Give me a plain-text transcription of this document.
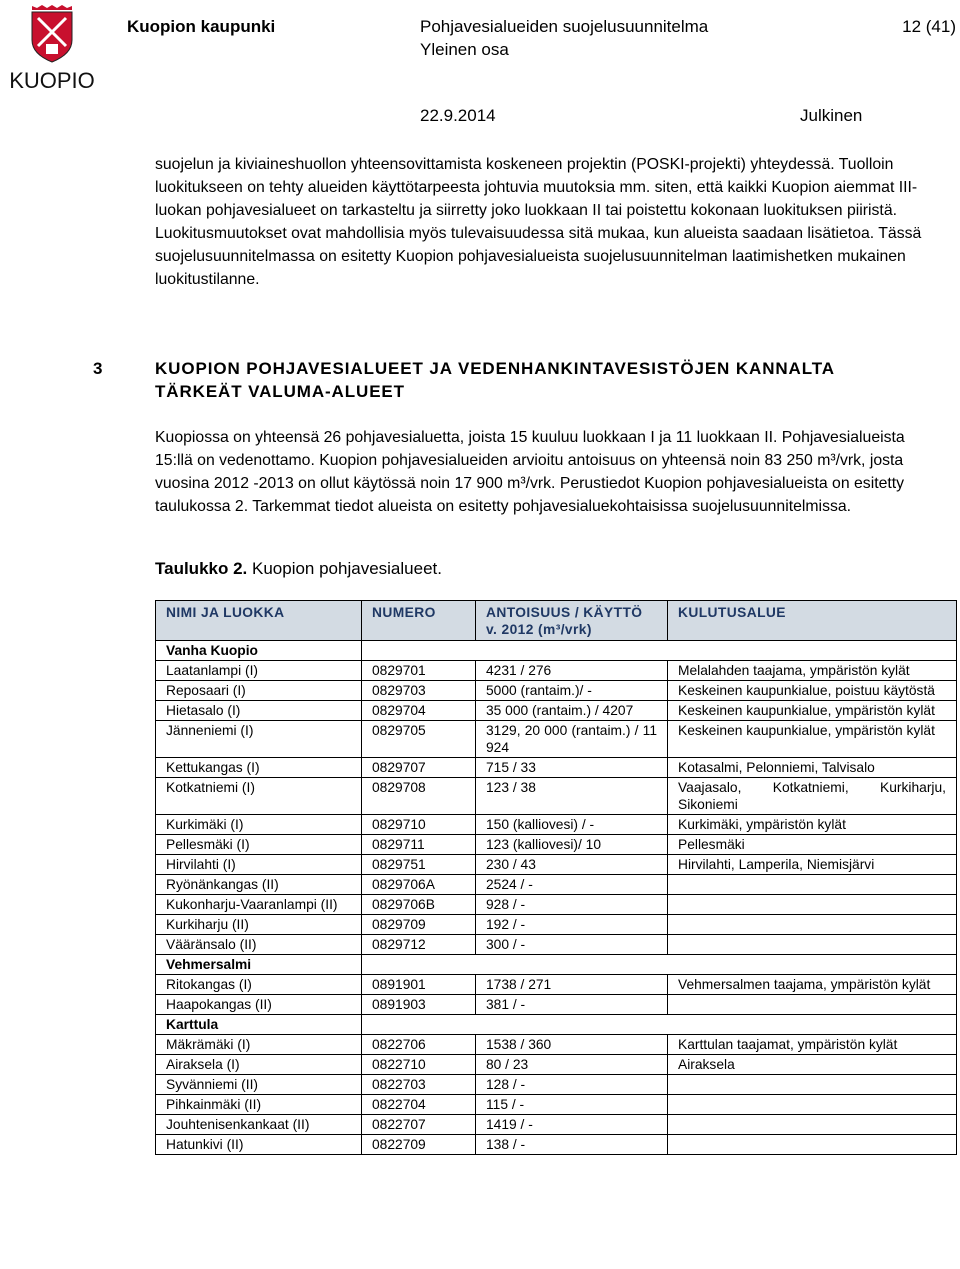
KUOPIO
Kuopion kaupunki	Pohjavesialueiden suojelusuunnitelma
Yleinen osa
12 (41)
22.9.2014	Julkinen

suojelun ja kiviaineshuollon yhteensovittamista koskeneen projektin (POSKI-projekti) yhteydessä. Tuolloin luokitukseen on tehty alueiden käyttötarpeesta johtuvia muutoksia mm. siten, että kaikki Kuopion aiemmat III-luokan pohjavesialueet on tarkasteltu ja siirretty joko luokkaan II tai poistettu kokonaan luokituksen piiristä. Luokitusmuutokset ovat mahdollisia myös tulevaisuudessa sitä mukaa, kun alueista saadaan lisätietoa. Tässä suojelusuunnitelmassa on esitetty Kuopion pohjavesialueista suojelusuunnitelman laatimishetken mukainen luokitustilanne.

3	KUOPION POHJAVESIALUEET JA VEDENHANKINTAVESISTÖJEN KANNALTA TÄRKEÄT VALUMA-ALUEET

Kuopiossa on yhteensä 26 pohjavesialuetta, joista 15 kuuluu luokkaan I ja 11 luokkaan II. Pohjavesialueista 15:llä on vedenottamo. Kuopion pohjavesialueiden arvioitu antoisuus on yhteensä noin 83 250 m³/vrk, josta vuosina 2012 -2013 on ollut käytössä noin 17 900 m³/vrk. Perustiedot Kuopion pohjavesialueista on esitetty taulukossa 2. Tarkemmat tiedot alueista on esitetty pohjavesialuekohtaisissa suojelusuunnitelmissa.

Taulukko 2. Kuopion pohjavesialueet.
NIMI JA LUOKKA	NUMERO	ANTOISUUS / KÄYTTÖ v. 2012 (m³/vrk)	KULUTUSALUE
Vanha Kuopio			
Laatanlampi (I)	0829701	4231 / 276	Melalahden taajama, ympäristön kylät
Reposaari (I)	0829703	5000 (rantaim.)/ -	Keskeinen kaupunkialue, poistuu käytöstä
Hietasalo (I)	0829704	35 000 (rantaim.) / 4207	Keskeinen kaupunkialue, ympäristön kylät
Jänneniemi (I)	0829705	3129, 20 000 (rantaim.) / 11 924	Keskeinen kaupunkialue, ympäristön kylät
Kettukangas (I)	0829707	715 / 33	Kotasalmi, Pelonniemi, Talvisalo
Kotkatniemi (I)	0829708	123 / 38	Vaajasalo, Kotkatniemi, Kurkiharju, Sikoniemi
Kurkimäki (I)	0829710	150 (kalliovesi) / -	Kurkimäki, ympäristön kylät
Pellesmäki (I)	0829711	123 (kalliovesi)/ 10	Pellesmäki
Hirvilahti (I)	0829751	230 / 43	Hirvilahti, Lamperila, Niemisjärvi
Ryönänkangas (II)	0829706A	2524 / -	
Kukonharju-Vaaranlampi (II)	0829706B	928 / -	
Kurkiharju (II)	0829709	192 / -	
Vääränsalo (II)	0829712	300 / -	
Vehmersalmi			
Ritokangas (I)	0891901	1738 / 271	Vehmersalmen taajama, ympäristön kylät
Haapokangas (II)	0891903	381 / -	
Karttula			
Mäkrämäki (I)	0822706	1538 / 360	Karttulan taajamat, ympäristön kylät
Airaksela (I)	0822710	80 / 23	Airaksela
Syvänniemi (II)	0822703	128 / -	
Pihkainmäki (II)	0822704	115 / -	
Jouhtenisenkankaat (II)	0822707	1419 / -	
Hatunkivi (II)	0822709	138 / -	
